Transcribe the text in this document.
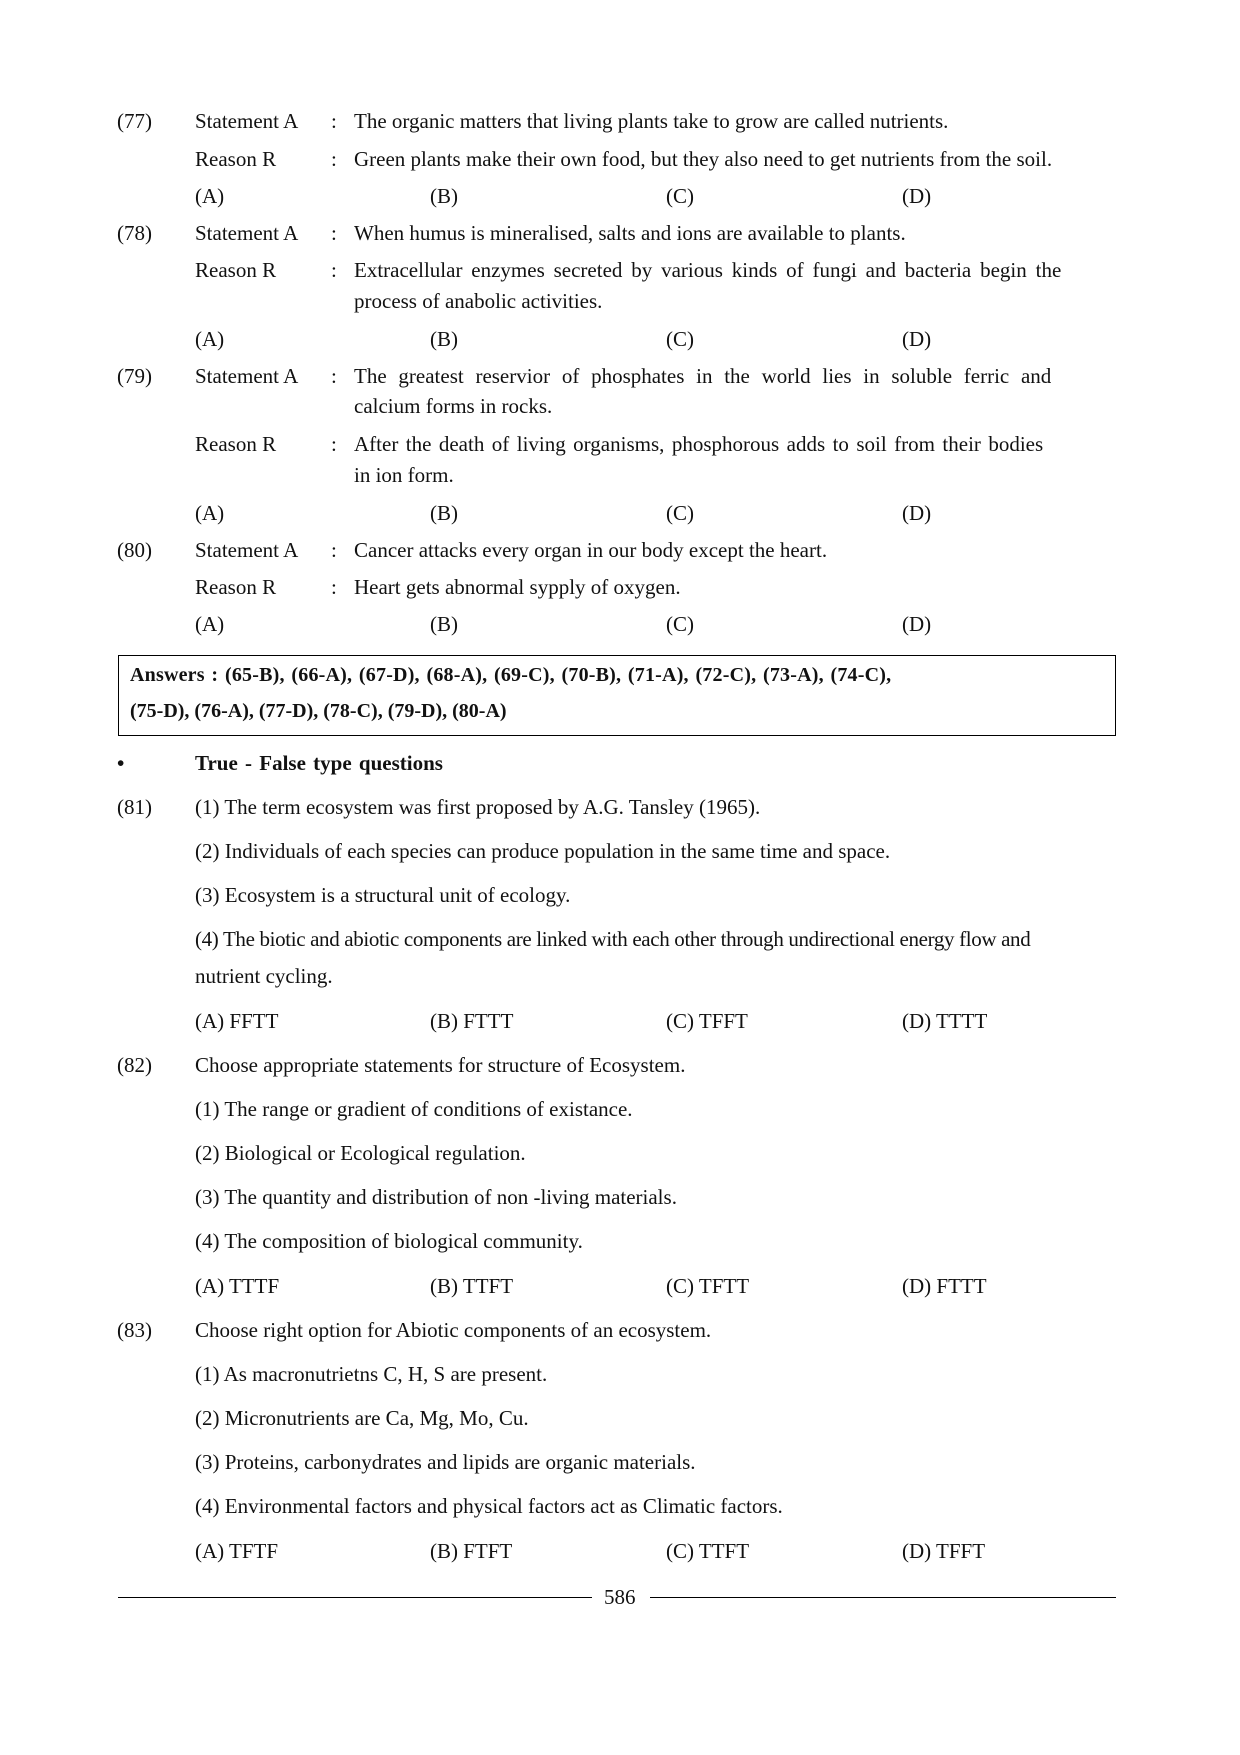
(77) Statement A : The organic matters that living plants take to grow are called nutrients.
Reason R	: Green plants make their own food, but they also need to get nutrients from the soil.
(A)	(B)	(C)	(D)
(78) Statement A : When humus is mineralised, salts and ions are available to plants.
Reason R	: Extracellular enzymes secreted by various kinds of fungi and bacteria begin the
process of anabolic activities.
(A)	(B)	(C)	(D)
(79) Statement A : The greatest reservior of phosphates in the world lies in soluble ferric and
calcium forms in rocks.
Reason R	: After the death of living organisms, phosphorous adds to soil from their bodies
in ion form.
(A)	(B)	(C)	(D)
(80) Statement A : Cancer attacks every organ in our body except the heart.
Reason R	: Heart gets abnormal sypply of oxygen.
(A)	(B)	(C)	(D)
Answers : (65-B), (66-A), (67-D), (68-A), (69-C), (70-B), (71-A), (72-C), (73-A), (74-C),
(75-D), (76-A), (77-D), (78-C), (79-D), (80-A)
•	True - False type questions
(81) (1) The term ecosystem was first proposed by A.G. Tansley (1965).
(2) Individuals of each species can produce population in the same time and space.
(3) Ecosystem is a structural unit of ecology.
(4) The biotic and abiotic components are linked with each other through undirectional energy flow and
nutrient cycling.
(A) FFTT	(B) FTTT	(C) TFFT	(D) TTTT
(82) Choose appropriate statements for structure of Ecosystem.
(1) The range or gradient of conditions of existance.
(2) Biological or Ecological regulation.
(3) The quantity and distribution of non -living materials.
(4) The composition of biological community.
(A) TTTF	(B) TTFT	(C) TFTT	(D) FTTT
(83) Choose right option for Abiotic components of an ecosystem.
(1) As macronutrietns C, H, S are present.
(2) Micronutrients are Ca, Mg, Mo, Cu.
(3) Proteins, carbonydrates and lipids are organic materials.
(4) Environmental factors and physical factors act as Climatic factors.
(A) TFTF	(B) FTFT	(C) TTFT	(D) TFFT
586
